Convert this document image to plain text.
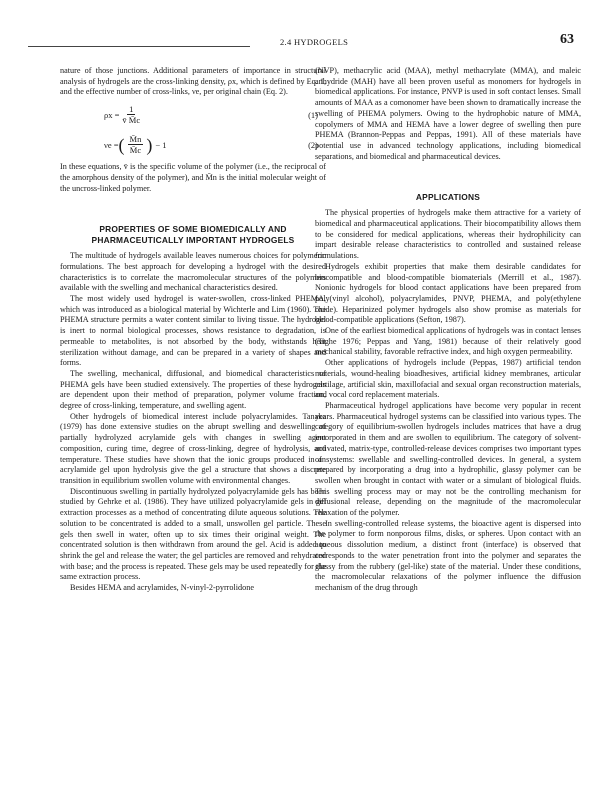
2.4 HYDROGELS	63

nature of those junctions. Additional parameters of importance in structural analysis of hydrogels are the cross-linking density, ρx, which is defined by Eq. 1, and the effective number of cross-links, νe, per original chain (Eq. 2).

$\rho x = \frac{1}{v̄ M̄c}$	(1)
νe = ( $\frac{M̄n}{M̄c}$ ) − 1	(2)

In these equations, v̄ is the specific volume of the polymer (i.e., the reciprocal of the amorphous density of the polymer), and M̄n is the initial molecular weight of the uncross-linked polymer.

PROPERTIES OF SOME BIOMEDICALLY AND PHARMACEUTICALLY IMPORTANT HYDROGELS

The multitude of hydrogels available leaves numerous choices for polymeric formulations. The best approach for developing a hydrogel with the desired characteristics is to correlate the macromolecular structures of the polymers available with the swelling and mechanical characteristics desired.

The most widely used hydrogel is water-swollen, cross-linked PHEMA, which was introduced as a biological material by Wichterle and Lim (1960). The PHEMA structure permits a water content similar to living tissue. The hydrogel is inert to normal biological processes, shows resistance to degradation, is permeable to metabolites, is not absorbed by the body, withstands heat sterilization without damage, and can be prepared in a variety of shapes and forms.

The swelling, mechanical, diffusional, and biomedical characteristics of PHEMA gels have been studied extensively. The properties of these hydrogels are dependent upon their method of preparation, polymer volume fraction, degree of cross-linking, temperature, and swelling agent.

Other hydrogels of biomedical interest include polyacrylamides. Tanaka (1979) has done extensive studies on the abrupt swelling and deswelling of partially hydrolyzed acrylamide gels with changes in swelling agent composition, curing time, degree of cross-linking, degree of hydrolysis, and temperature. These studies have shown that the ionic groups produced in an acrylamide gel upon hydrolysis give the gel a structure that shows a discrete transition in equilibrium swollen volume with environmental changes.

Discontinuous swelling in partially hydrolyzed polyacrylamide gels has been studied by Gehrke et al. (1986). They have utilized polyacrylamide gels in gel extraction processes as a method of concentrating dilute aqueous solutions. The solution to be concentrated is added to a small, unswollen gel particle. These gels then swell in water, often up to six times their original weight. The concentrated solution is then withdrawn from around the gel. Acid is added to shrink the gel and release the water; the gel particles are removed and rehydrated with base; and the process is repeated. These gels may be used repeatedly for the same extraction process.

Besides HEMA and acrylamides, N-vinyl-2-pyrrolidone

(NVP), methacrylic acid (MAA), methyl methacrylate (MMA), and maleic anhydride (MAH) have all been proven useful as monomers for hydrogels in biomedical applications. For instance, PNVP is used in soft contact lenses. Small amounts of MAA as a comonomer have been shown to dramatically increase the swelling of PHEMA polymers. Owing to the hydrophobic nature of MMA, copolymers of MMA and HEMA have a lower degree of swelling then pure PHEMA (Brannon-Peppas and Peppas, 1991). All of these materials have potential use in advanced technology applications, including biomedical separations, and biomedical and pharmaceutical devices.

APPLICATIONS

The physical properties of hydrogels make them attractive for a variety of biomedical and pharmaceutical applications. Their biocompatibility allows them to be considered for medical applications, whereas their hydrophilicity can impart desirable release characteristics to controlled and sustained release formulations.

Hydrogels exhibit properties that make them desirable candidates for biocompatible and blood-compatible biomaterials (Merrill et al., 1987). Nonionic hydrogels for blood contact applications have been prepared from poly(vinyl alcohol), polyacrylamides, PNVP, PHEMA, and poly(ethylene oxide). Heparinized polymer hydrogels also show promise as materials for blood-compatible applications (Sefton, 1987).

One of the earliest biomedical applications of hydrogels was in contact lenses (Tighe 1976; Peppas and Yang, 1981) because of their relatively good mechanical stability, favorable refractive index, and high oxygen permeability.

Other applications of hydrogels include (Peppas, 1987) artificial tendon materials, wound-healing bioadhesives, artificial kidney membranes, articular cartilage, artificial skin, maxillofacial and sexual organ reconstruction materials, and vocal cord replacement materials.

Pharmaceutical hydrogel applications have become very popular in recent years. Pharmaceutical hydrogel systems can be classified into various types. The category of equilibrium-swollen hydrogels includes matrices that have a drug incorporated in them and are swollen to equilibrium. The category of solvent-activated, matrix-type, controlled-release devices comprises two important types of systems: swellable and swelling-controlled devices. In general, a system prepared by incorporating a drug into a hydrophilic, glassy polymer can be swollen when brought in contact with water or a simulant of biological fluids. This swelling process may or may not be the controlling mechanism for diffusional release, depending on the magnitude of the macromolecular relaxation of the polymer.

In swelling-controlled release systems, the bioactive agent is dispersed into the polymer to form nonporous films, disks, or spheres. Upon contact with an aqueous dissolution medium, a distinct front (interface) is observed that corresponds to the water penetration front into the polymer and separates the glassy from the rubbery (gel-like) state of the material. Under these conditions, the macromolecular relaxations of the polymer influence the diffusion mechanism of the drug through
